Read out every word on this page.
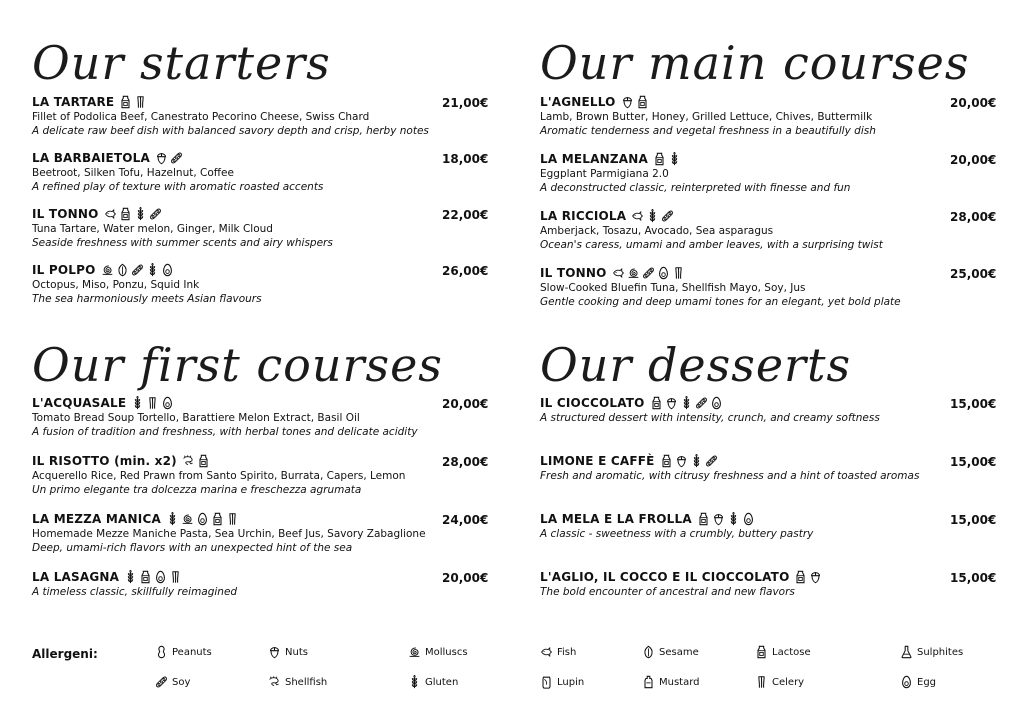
Our starters
LA TARTARE	21,00€
Fillet of Podolica Beef, Canestrato Pecorino Cheese, Swiss Chard
A delicate raw beef dish with balanced savory depth and crisp, herby notes
LA BARBAIETOLA	18,00€
Beetroot, Silken Tofu, Hazelnut, Coffee
A refined play of texture with aromatic roasted accents
IL TONNO	22,00€
Tuna Tartare, Water melon, Ginger, Milk Cloud
Seaside freshness with summer scents and airy whispers
IL POLPO	26,00€
Octopus, Miso, Ponzu, Squid Ink
The sea harmoniously meets Asian flavours
Our main courses
L'AGNELLO	20,00€
Lamb, Brown Butter, Honey, Grilled Lettuce, Chives, Buttermilk
Aromatic tenderness and vegetal freshness in a beautifully dish
LA MELANZANA	20,00€
Eggplant Parmigiana 2.0
A deconstructed classic, reinterpreted with finesse and fun
LA RICCIOLA	28,00€
Amberjack, Tosazu, Avocado, Sea asparagus
Ocean's caress, umami and amber leaves, with a surprising twist
IL TONNO	25,00€
Slow-Cooked Bluefin Tuna, Shellfish Mayo, Soy, Jus
Gentle cooking and deep umami tones for an elegant, yet bold plate
Our first courses
L'ACQUASALE	20,00€
Tomato Bread Soup Tortello, Barattiere Melon Extract, Basil Oil
A fusion of tradition and freshness, with herbal tones and delicate acidity
IL RISOTTO (min. x2)	28,00€
Acquerello Rice, Red Prawn from Santo Spirito, Burrata, Capers, Lemon
Un primo elegante tra dolcezza marina e freschezza agrumata
LA MEZZA MANICA	24,00€
Homemade Mezze Maniche Pasta, Sea Urchin, Beef Jus, Savory Zabaglione
Deep, umami-rich flavors with an unexpected hint of the sea
LA LASAGNA	20,00€
A timeless classic, skillfully reimagined
Our desserts
IL CIOCCOLATO	15,00€
A structured dessert with intensity, crunch, and creamy softness
LIMONE E CAFFÈ	15,00€
Fresh and aromatic, with citrusy freshness and a hint of toasted aromas
LA MELA E LA FROLLA	15,00€
A classic - sweetness with a crumbly, buttery pastry
L'AGLIO, IL COCCO E IL CIOCCOLATO	15,00€
The bold encounter of ancestral and new flavors
Allergeni:	Peanuts	Nuts	Molluscs	Fish	Sesame	Lactose	Sulphites
Soy	Shellfish	Gluten	Lupin	Mustard	Celery	Egg
